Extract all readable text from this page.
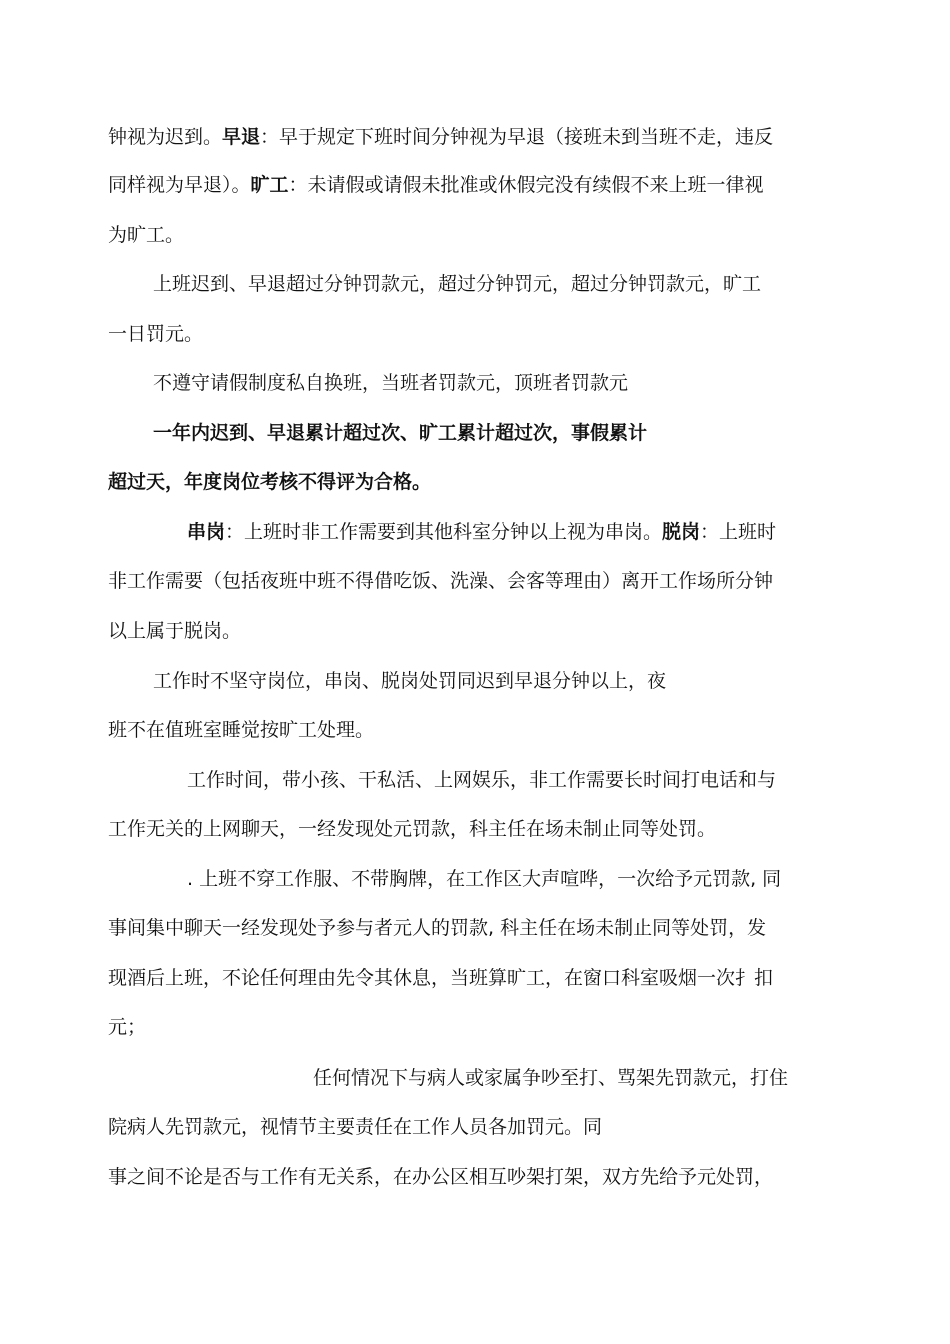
钟视为迟到。早退：早于规定下班时间分钟视为早退（接班未到当班不走，违反
同样视为早退）。旷工：未请假或请假未批准或休假完没有续假不来上班一律视
为旷工。
上班迟到、早退超过分钟罚款元，超过分钟罚元，超过分钟罚款元，旷工
一日罚元。
不遵守请假制度私自换班，当班者罚款元，顶班者罚款元
一年内迟到、早退累计超过次、旷工累计超过次，事假累计
超过天，年度岗位考核不得评为合格。
串岗：上班时非工作需要到其他科室分钟以上视为串岗。脱岗：上班时
非工作需要（包括夜班中班不得借吃饭、洗澡、会客等理由）离开工作场所分钟
以上属于脱岗。
工作时不坚守岗位，串岗、脱岗处罚同迟到早退分钟以上，夜
班不在值班室睡觉按旷工处理。
工作时间，带小孩、干私活、上网娱乐，非工作需要长时间打电话和与
工作无关的上网聊天，一经发现处元罚款，科主任在场未制止同等处罚。
. 上班不穿工作服、不带胸牌，在工作区大声喧哗，一次给予元罚款, 同
事间集中聊天一经发现处予参与者元人的罚款, 科主任在场未制止同等处罚，发
现酒后上班，不论任何理由先令其休息，当班算旷工，在窗口科室吸烟一次扌扣
元；
任何情况下与病人或家属争吵至打、骂架先罚款元，打住
院病人先罚款元，视情节主要责任在工作人员各加罚元。同
事之间不论是否与工作有无关系，在办公区相互吵架打架，双方先给予元处罚，
